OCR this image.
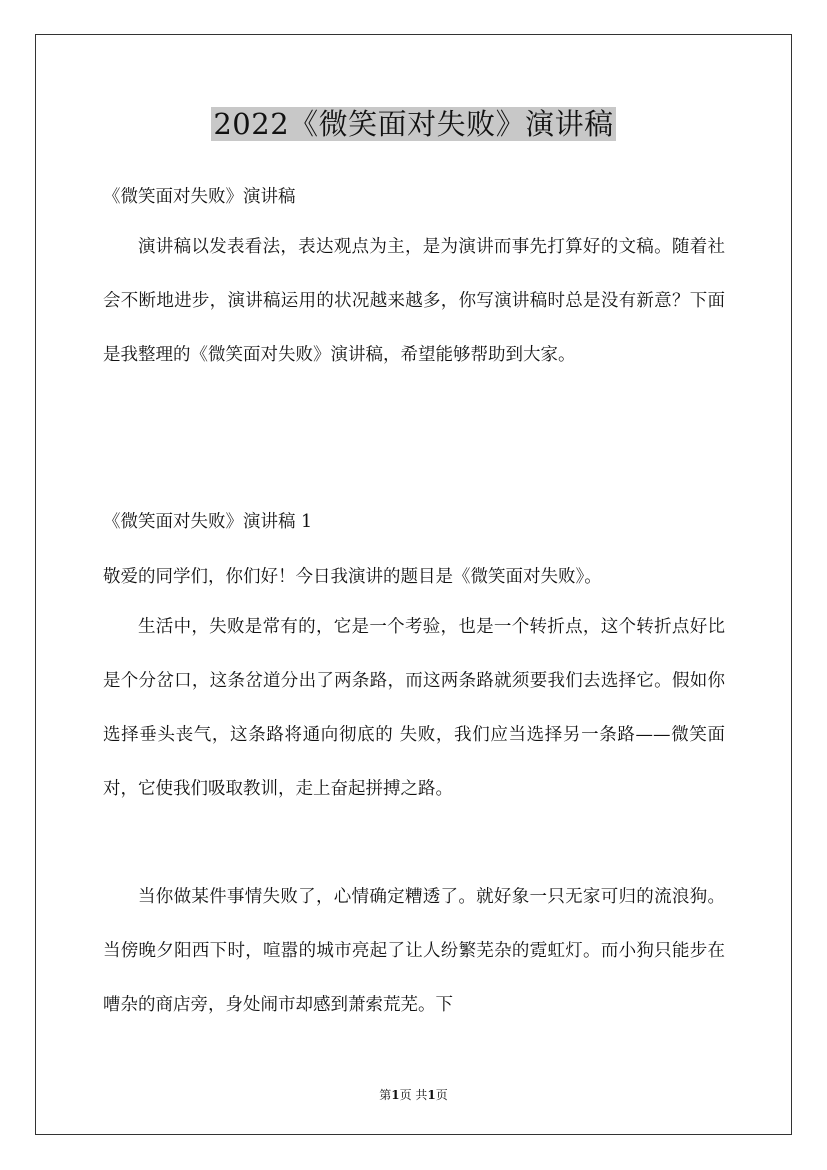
2022《微笑面对失败》演讲稿

《微笑面对失败》演讲稿

演讲稿以发表看法，表达观点为主，是为演讲而事先打算好的文稿。随着社会不断地进步，演讲稿运用的状况越来越多，你写演讲稿时总是没有新意？下面是我整理的《微笑面对失败》演讲稿，希望能够帮助到大家。

《微笑面对失败》演讲稿 1

敬爱的同学们，你们好！今日我演讲的题目是《微笑面对失败》。

生活中，失败是常有的，它是一个考验，也是一个转折点，这个转折点好比是个分岔口，这条岔道分出了两条路，而这两条路就须要我们去选择它。假如你选择垂头丧气，这条路将通向彻底的 失败，我们应当选择另一条路——微笑面对，它使我们吸取教训，走上奋起拼搏之路。

当你做某件事情失败了，心情确定糟透了。就好象一只无家可归的流浪狗。当傍晚夕阳西下时，喧嚣的城市亮起了让人纷繁芜杂的霓虹灯。而小狗只能步在嘈杂的商店旁，身处闹市却感到萧索荒芜。下

第1页 共1页
